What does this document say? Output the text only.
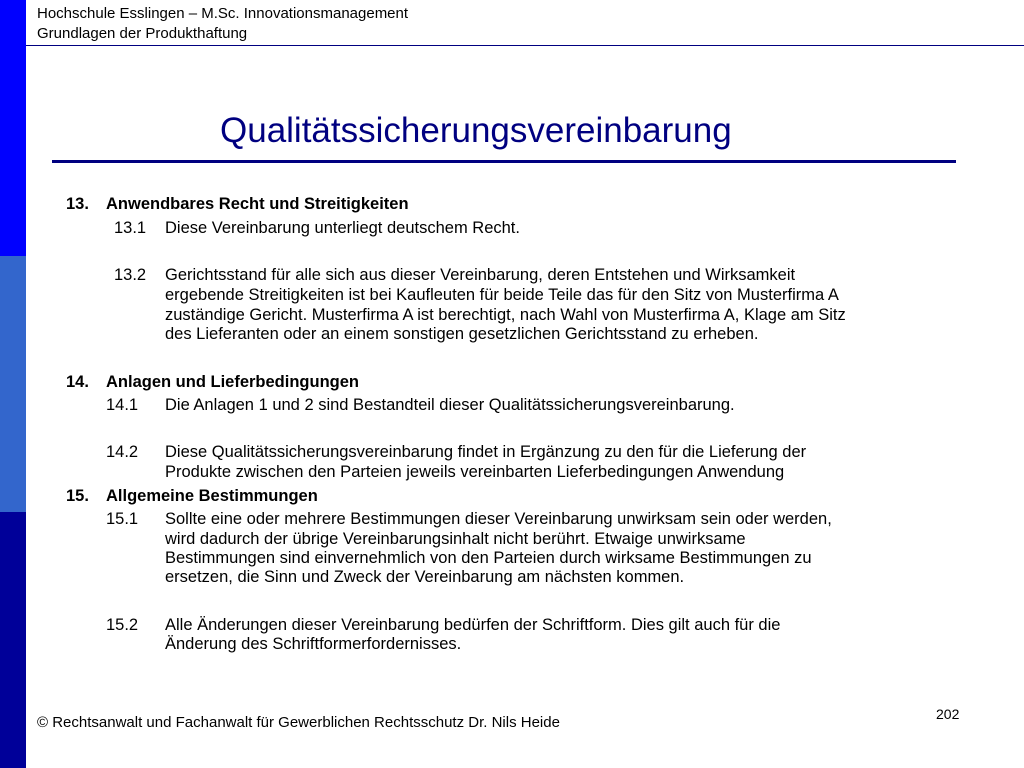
Hochschule Esslingen – M.Sc. Innovationsmanagement
Grundlagen der Produkthaftung
Qualitätssicherungsvereinbarung
13. Anwendbares Recht und Streitigkeiten
13.1 Diese Vereinbarung unterliegt deutschem Recht.
13.2 Gerichtsstand für alle sich aus dieser Vereinbarung, deren Entstehen und Wirksamkeit
ergebende Streitigkeiten ist bei Kaufleuten für beide Teile das für den Sitz von Musterfirma A
zuständige Gericht. Musterfirma A ist berechtigt, nach Wahl von Musterfirma A, Klage am Sitz
des Lieferanten oder an einem sonstigen gesetzlichen Gerichtsstand zu erheben.
14. Anlagen und Lieferbedingungen
14.1 Die Anlagen 1 und 2 sind Bestandteil dieser Qualitätssicherungsvereinbarung.
14.2 Diese Qualitätssicherungsvereinbarung findet in Ergänzung zu den für die Lieferung der
Produkte zwischen den Parteien jeweils vereinbarten Lieferbedingungen Anwendung
15. Allgemeine Bestimmungen
15.1 Sollte eine oder mehrere Bestimmungen dieser Vereinbarung unwirksam sein oder werden,
wird dadurch der übrige Vereinbarungsinhalt nicht berührt. Etwaige unwirksame
Bestimmungen sind einvernehmlich von den Parteien durch wirksame Bestimmungen zu
ersetzen, die Sinn und Zweck der Vereinbarung am nächsten kommen.
15.2 Alle Änderungen dieser Vereinbarung bedürfen der Schriftform. Dies gilt auch für die
Änderung des Schriftformerfordernisses.
© Rechtsanwalt und Fachanwalt für Gewerblichen Rechtsschutz Dr. Nils Heide	202
